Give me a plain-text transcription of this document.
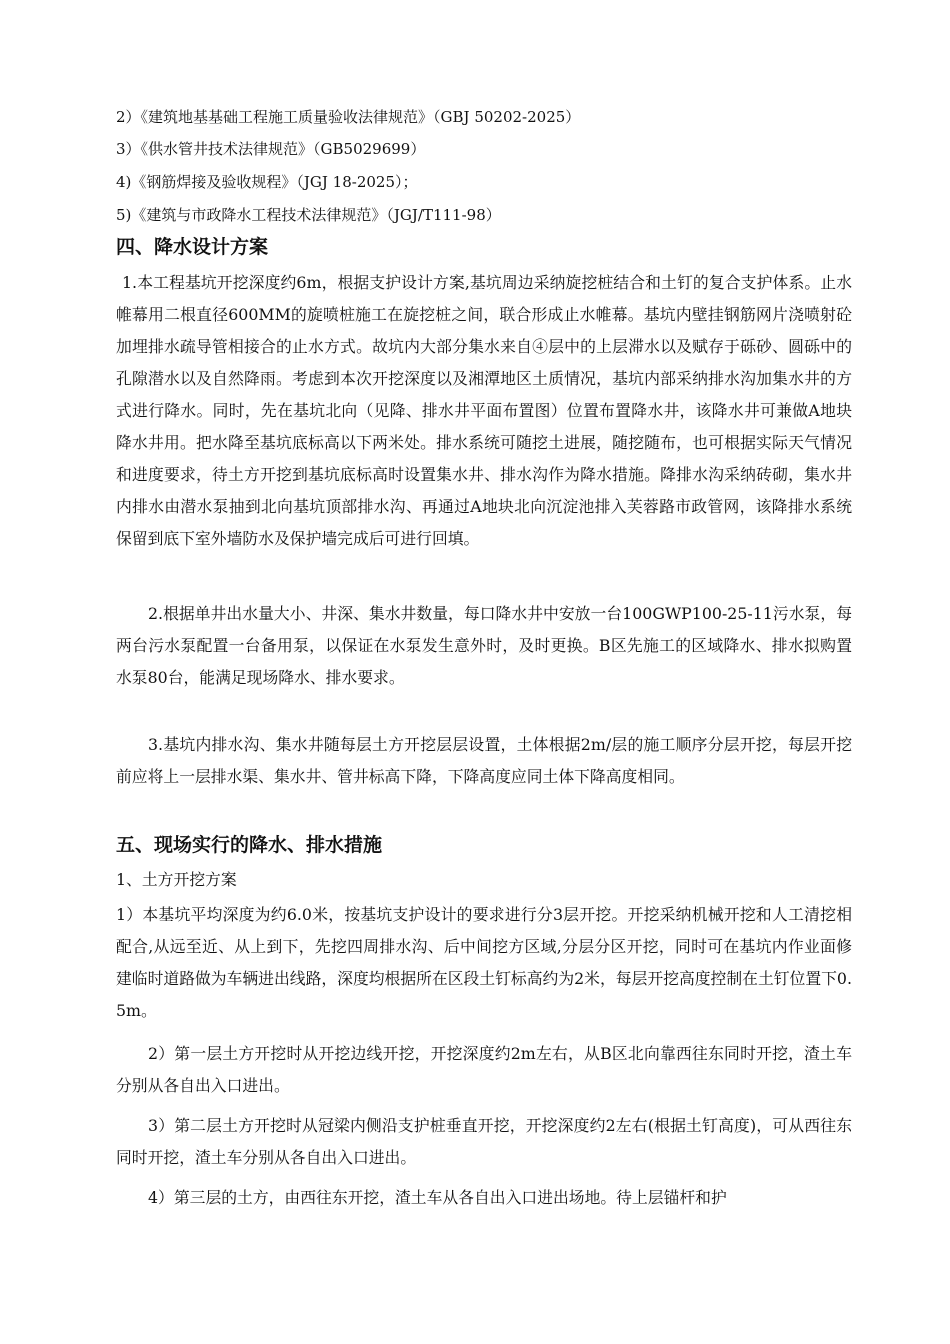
2）《建筑地基基础工程施工质量验收法律规范》（GBJ 50202-2025）
3）《供水管井技术法律规范》（GB5029699）
4)《钢筋焊接及验收规程》（JGJ 18-2025）；
5)《建筑与市政降水工程技术法律规范》（JGJ/T111-98）
四、降水设计方案
1.本工程基坑开挖深度约6m，根据支护设计方案,基坑周边采纳旋挖桩结合和土钉的复合支护体系。止水帷幕用二根直径600MM的旋喷桩施工在旋挖桩之间，联合形成止水帷幕。基坑内壁挂钢筋网片浇喷射砼加埋排水疏导管相接合的止水方式。故坑内大部分集水来自④层中的上层滞水以及赋存于砾砂、圆砾中的孔隙潜水以及自然降雨。考虑到本次开挖深度以及湘潭地区土质情况，基坑内部采纳排水沟加集水井的方式进行降水。同时，先在基坑北向（见降、排水井平面布置图）位置布置降水井，该降水井可兼做A地块降水井用。把水降至基坑底标高以下两米处。排水系统可随挖土进展，随挖随布，也可根据实际天气情况和进度要求，待土方开挖到基坑底标高时设置集水井、排水沟作为降水措施。降排水沟采纳砖砌，集水井内排水由潜水泵抽到北向基坑顶部排水沟、再通过A地块北向沉淀池排入芙蓉路市政管网，该降排水系统保留到底下室外墙防水及保护墙完成后可进行回填。
2.根据单井出水量大小、井深、集水井数量，每口降水井中安放一台100GWP100-25-11污水泵，每两台污水泵配置一台备用泵，以保证在水泵发生意外时，及时更换。B区先施工的区域降水、排水拟购置水泵80台，能满足现场降水、排水要求。
3.基坑内排水沟、集水井随每层土方开挖层层设置，土体根据2m/层的施工顺序分层开挖，每层开挖前应将上一层排水渠、集水井、管井标高下降，下降高度应同土体下降高度相同。
五、现场实行的降水、排水措施
1、土方开挖方案
1）本基坑平均深度为约6.0米，按基坑支护设计的要求进行分3层开挖。开挖采纳机械开挖和人工清挖相配合,从远至近、从上到下，先挖四周排水沟、后中间挖方区域,分层分区开挖，同时可在基坑内作业面修建临时道路做为车辆进出线路，深度均根据所在区段土钉标高约为2米，每层开挖高度控制在土钉位置下0.5m。
2）第一层土方开挖时从开挖边线开挖，开挖深度约2m左右，从B区北向靠西往东同时开挖，渣土车分别从各自出入口进出。
3）第二层土方开挖时从冠梁内侧沿支护桩垂直开挖，开挖深度约2左右(根据土钉高度)，可从西往东同时开挖，渣土车分别从各自出入口进出。
4）第三层的土方，由西往东开挖，渣土车从各自出入口进出场地。待上层锚杆和护
